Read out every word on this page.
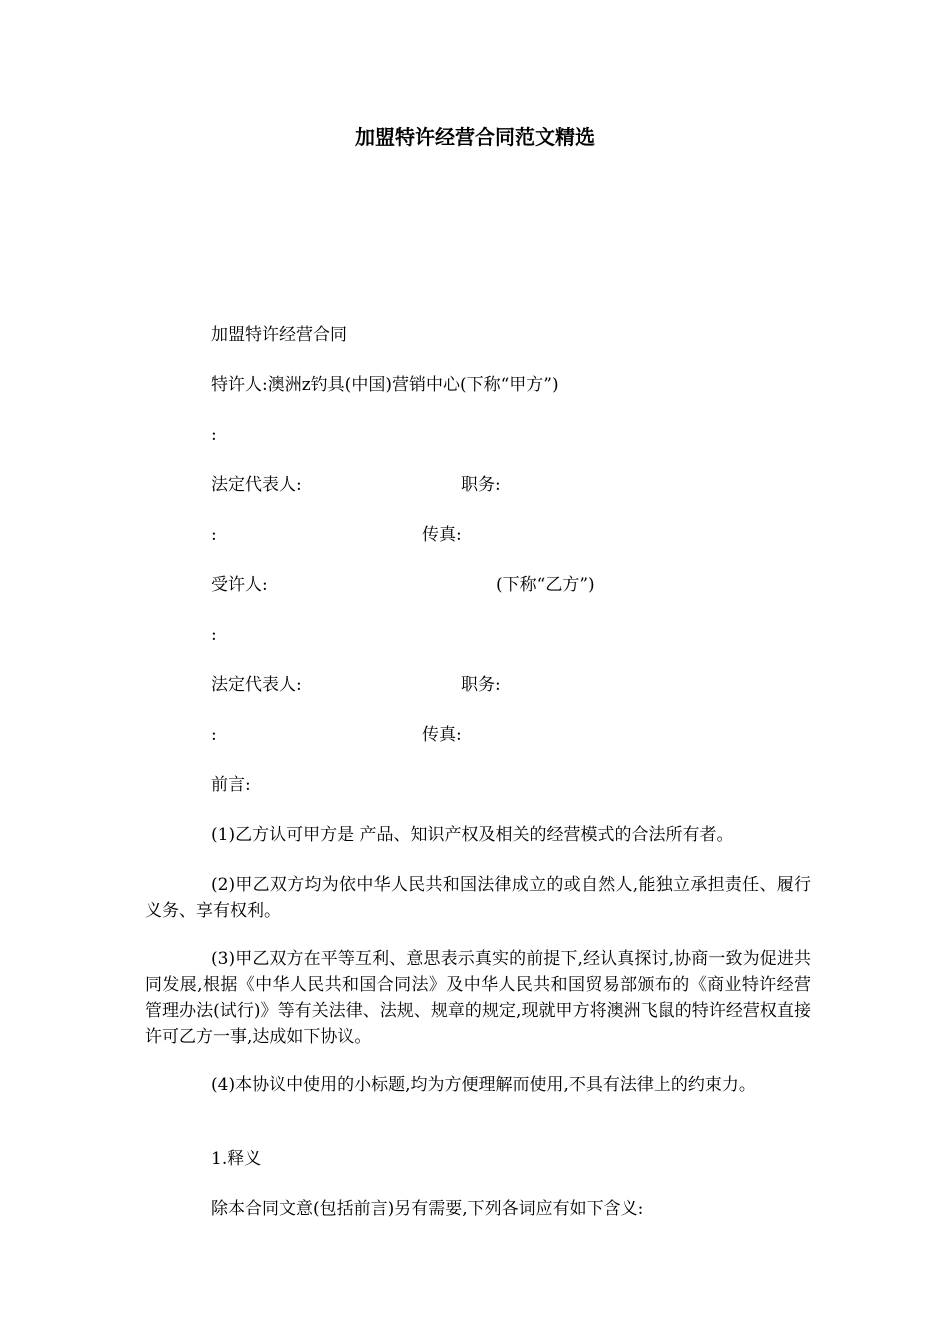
加盟特许经营合同范文精选
加盟特许经营合同
特许人:澳洲z钓具(中国)营销中心(下称“甲方”)
:
法定代表人:	职务:
:	传真:
受许人:	(下称“乙方”)
:
法定代表人:	职务:
:	传真:
前言:
(1)乙方认可甲方是 产品、知识产权及相关的经营模式的合法所有者。
(2)甲乙双方均为依中华人民共和国法律成立的或自然人,能独立承担责任、履行义务、享有权利。
(3)甲乙双方在平等互利、意思表示真实的前提下,经认真探讨,协商一致为促进共同发展,根据《中华人民共和国合同法》及中华人民共和国贸易部颁布的《商业特许经营管理办法(试行)》等有关法律、法规、规章的规定,现就甲方将澳洲飞鼠的特许经营权直接许可乙方一事,达成如下协议。
(4)本协议中使用的小标题,均为方便理解而使用,不具有法律上的约束力。
1.释义
除本合同文意(包括前言)另有需要,下列各词应有如下含义:
